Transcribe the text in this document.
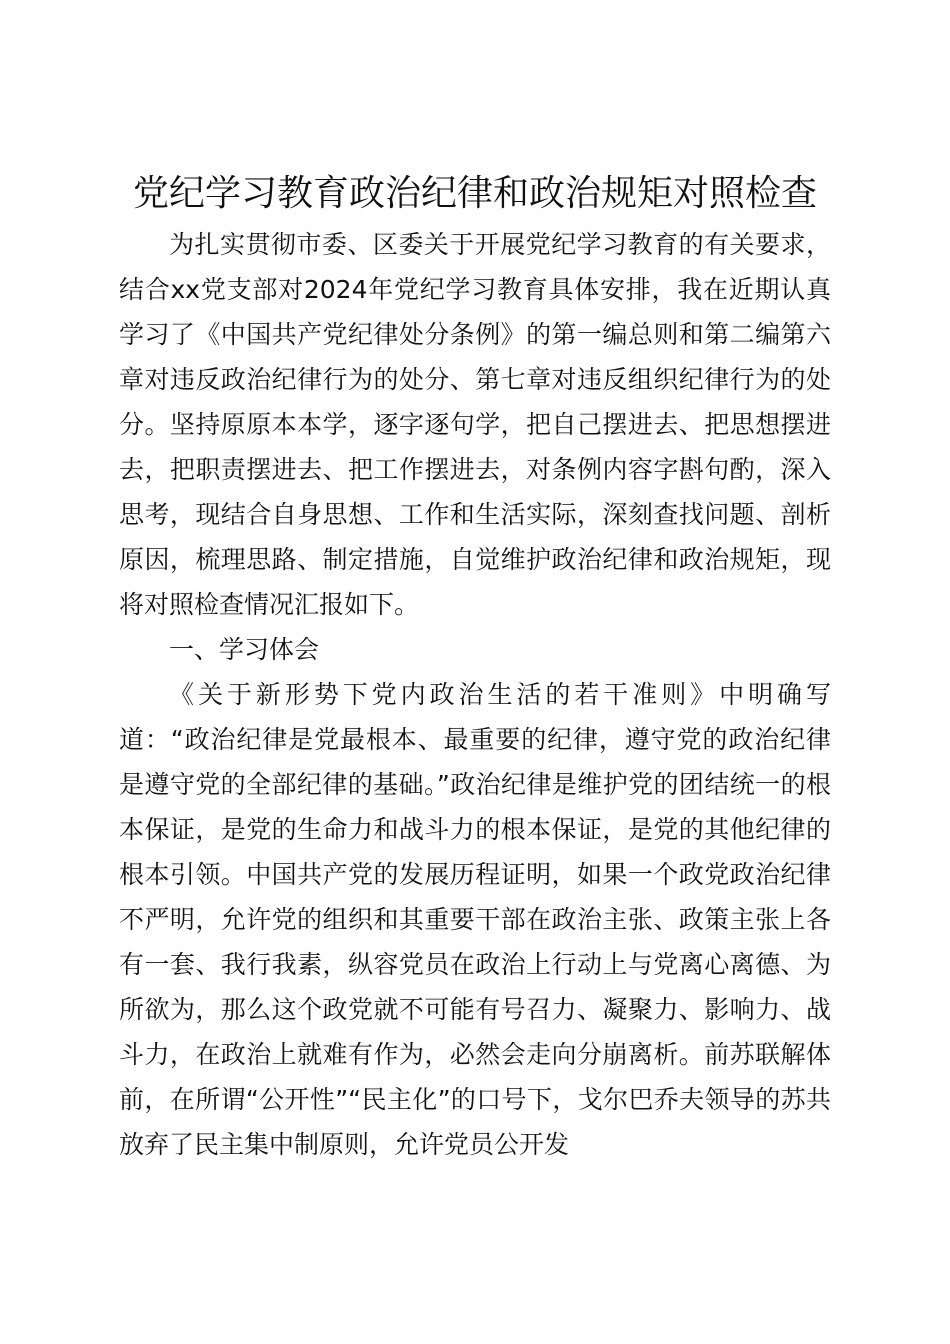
党纪学习教育政治纪律和政治规矩对照检查

为扎实贯彻市委、区委关于开展党纪学习教育的有关要求，结合xx党支部对2024年党纪学习教育具体安排，我在近期认真学习了《中国共产党纪律处分条例》的第一编总则和第二编第六章对违反政治纪律行为的处分、第七章对违反组织纪律行为的处分。坚持原原本本学，逐字逐句学，把自己摆进去、把思想摆进去，把职责摆进去、把工作摆进去，对条例内容字斟句酌，深入思考，现结合自身思想、工作和生活实际，深刻查找问题、剖析原因，梳理思路、制定措施，自觉维护政治纪律和政治规矩，现将对照检查情况汇报如下。

一、学习体会

《关于新形势下党内政治生活的若干准则》中明确写道：“政治纪律是党最根本、最重要的纪律，遵守党的政治纪律是遵守党的全部纪律的基础。”政治纪律是维护党的团结统一的根本保证，是党的生命力和战斗力的根本保证，是党的其他纪律的根本引领。中国共产党的发展历程证明，如果一个政党政治纪律不严明，允许党的组织和其重要干部在政治主张、政策主张上各有一套、我行我素，纵容党员在政治上行动上与党离心离德、为所欲为，那么这个政党就不可能有号召力、凝聚力、影响力、战斗力，在政治上就难有作为，必然会走向分崩离析。前苏联解体前，在所谓“公开性”“民主化”的口号下，戈尔巴乔夫领导的苏共放弃了民主集中制原则，允许党员公开发
